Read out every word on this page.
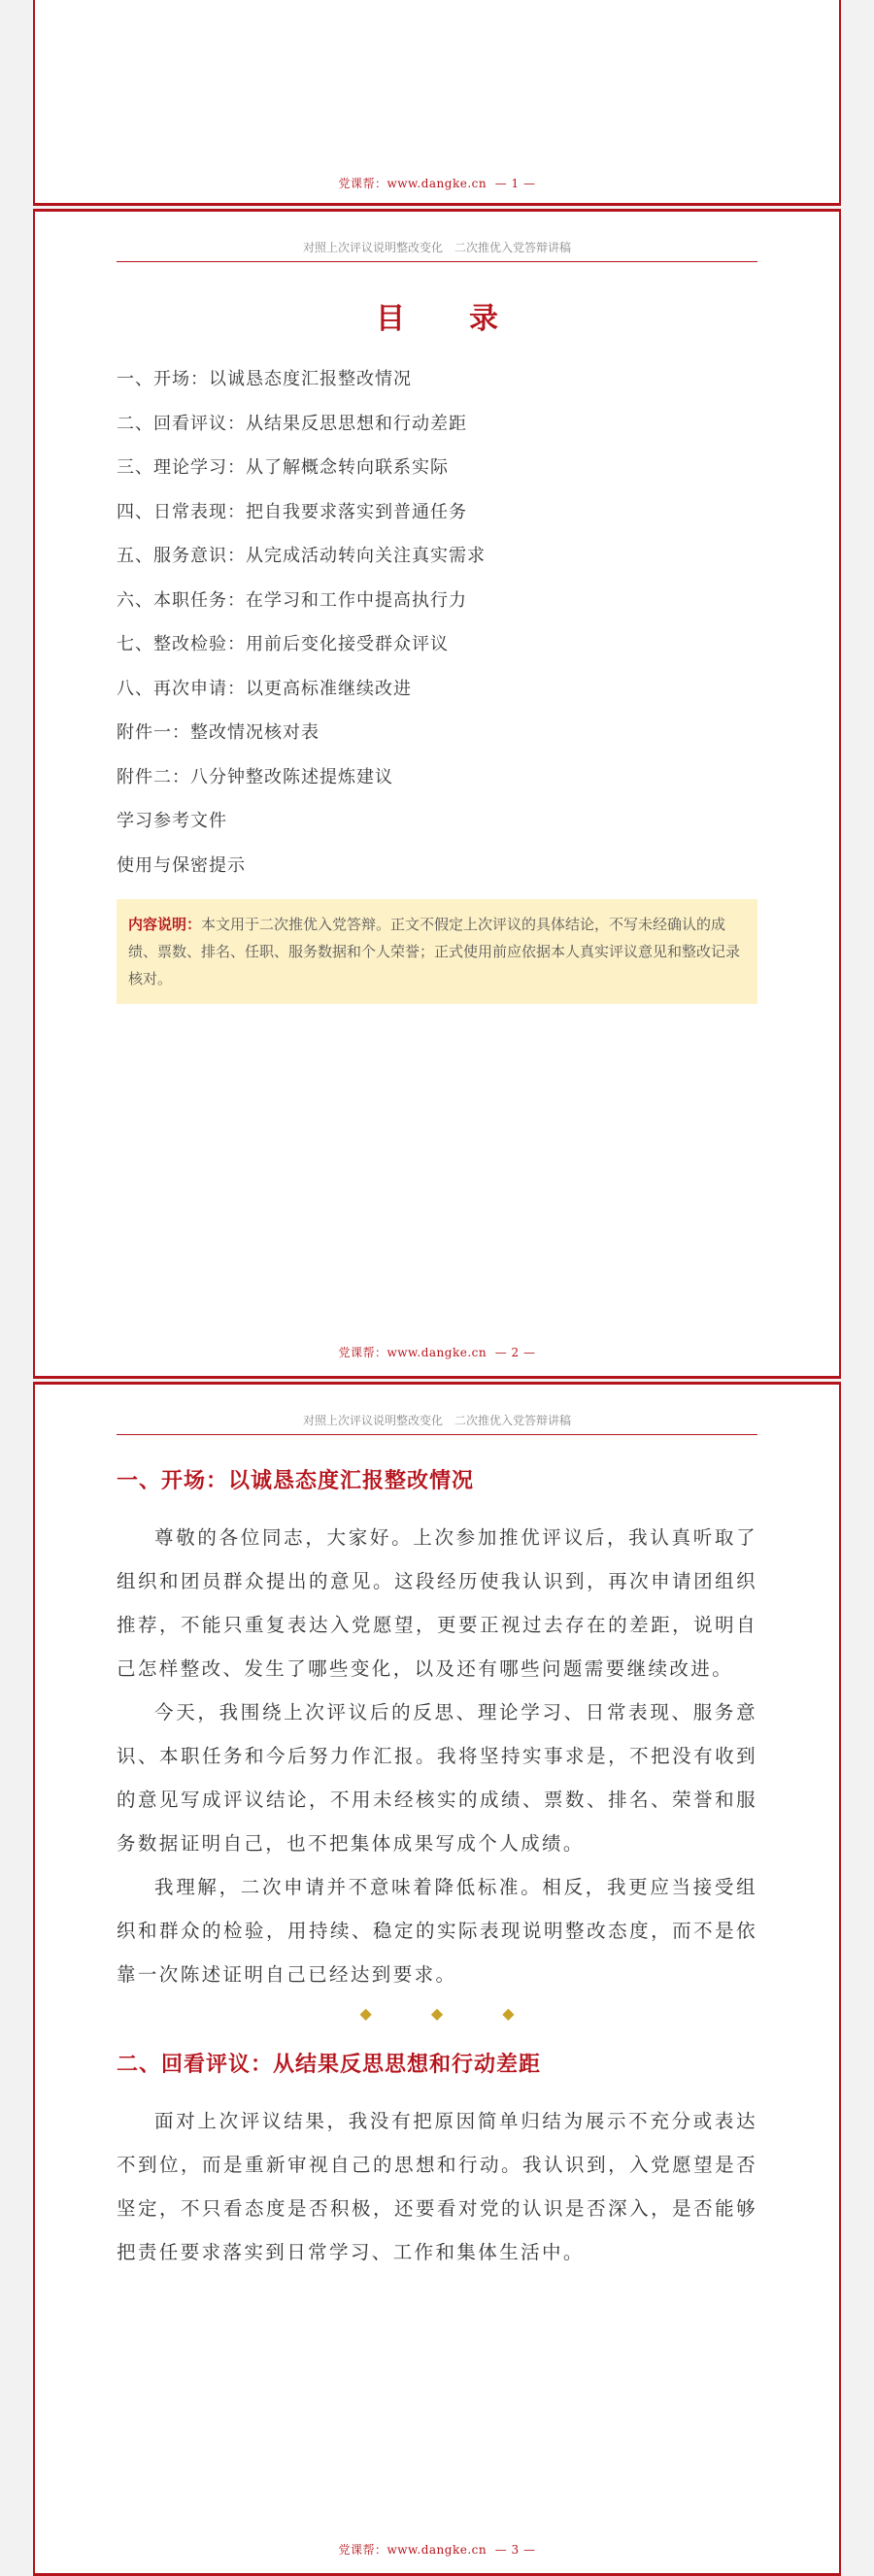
党课帮：www.dangke.cn — 1 —
对照上次评议说明整改变化　二次推优入党答辩讲稿
目　录
一、开场：以诚恳态度汇报整改情况
二、回看评议：从结果反思思想和行动差距
三、理论学习：从了解概念转向联系实际
四、日常表现：把自我要求落实到普通任务
五、服务意识：从完成活动转向关注真实需求
六、本职任务：在学习和工作中提高执行力
七、整改检验：用前后变化接受群众评议
八、再次申请：以更高标准继续改进
附件一：整改情况核对表
附件二：八分钟整改陈述提炼建议
学习参考文件
使用与保密提示
内容说明：本文用于二次推优入党答辩。正文不假定上次评议的具体结论，不写未经确认的成绩、票数、排名、任职、服务数据和个人荣誉；正式使用前应依据本人真实评议意见和整改记录核对。
党课帮：www.dangke.cn — 2 —
对照上次评议说明整改变化　二次推优入党答辩讲稿
一、开场：以诚恳态度汇报整改情况

尊敬的各位同志，大家好。上次参加推优评议后，我认真听取了组织和团员群众提出的意见。这段经历使我认识到，再次申请团组织推荐，不能只重复表达入党愿望，更要正视过去存在的差距，说明自己怎样整改、发生了哪些变化，以及还有哪些问题需要继续改进。

今天，我围绕上次评议后的反思、理论学习、日常表现、服务意识、本职任务和今后努力作汇报。我将坚持实事求是，不把没有收到的意见写成评议结论，不用未经核实的成绩、票数、排名、荣誉和服务数据证明自己，也不把集体成果写成个人成绩。

我理解，二次申请并不意味着降低标准。相反，我更应当接受组织和群众的检验，用持续、稳定的实际表现说明整改态度，而不是依靠一次陈述证明自己已经达到要求。

◆ ◆ ◆
二、回看评议：从结果反思思想和行动差距

面对上次评议结果，我没有把原因简单归结为展示不充分或表达不到位，而是重新审视自己的思想和行动。我认识到，入党愿望是否坚定，不只看态度是否积极，还要看对党的认识是否深入，是否能够把责任要求落实到日常学习、工作和集体生活中。

党课帮：www.dangke.cn — 3 —
